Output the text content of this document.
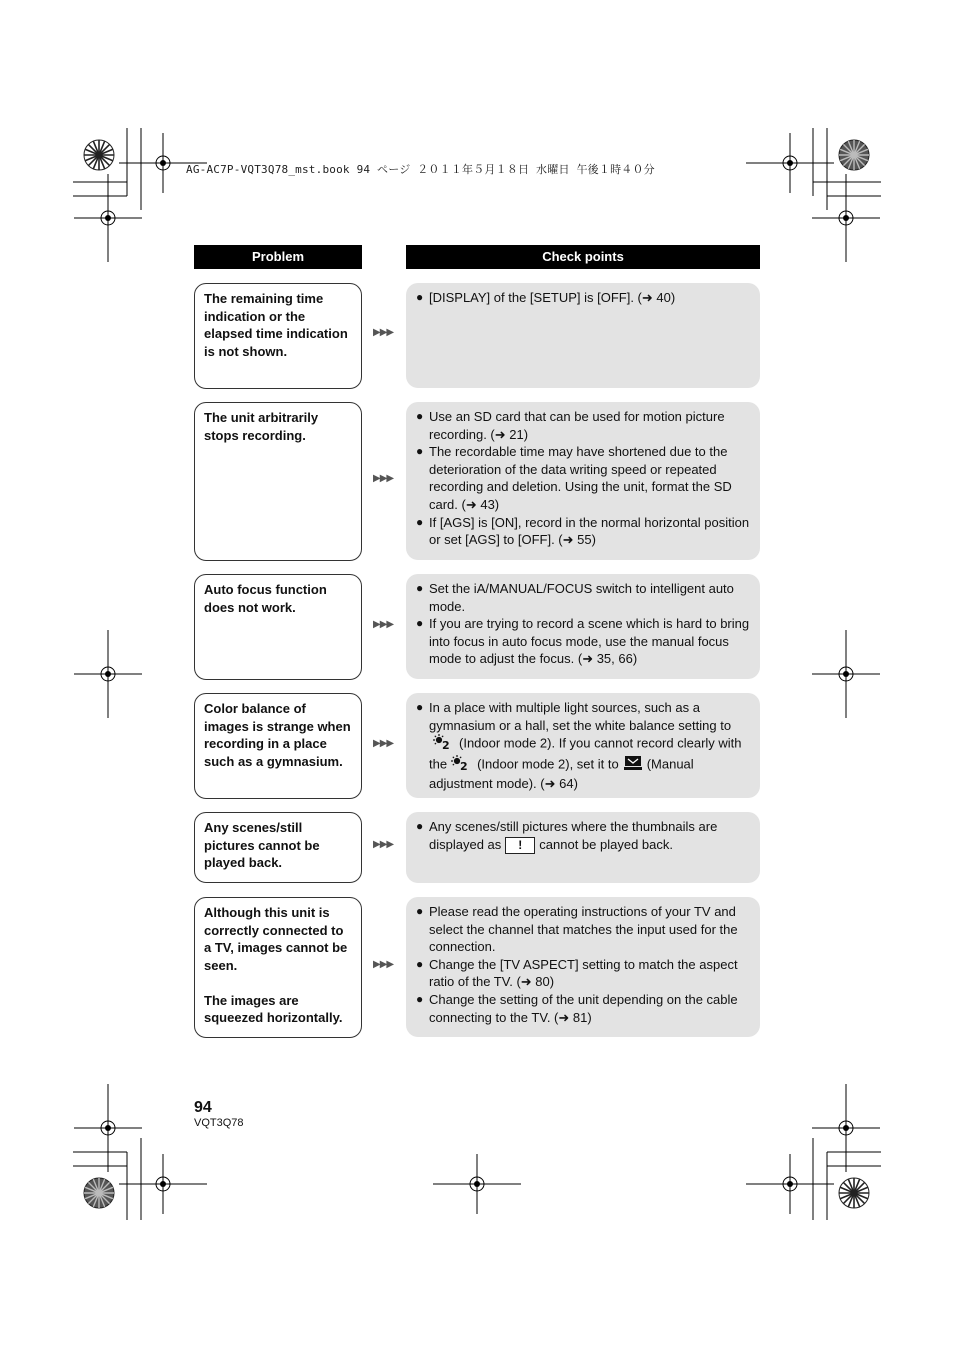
AG-AC7P-VQT3Q78_mst.book 94 ページ ２０１１年５月１８日 水曜日 午後１時４０分
Problem	Check points

The remaining time indication or the elapsed time indication is not shown.

▶▶▶
● [DISPLAY] of the [SETUP] is [OFF]. (➜ 40)

The unit arbitrarily stops recording.

▶▶▶
● Use an SD card that can be used for motion picture recording. (➜ 21)
● The recordable time may have shortened due to the deterioration of the data writing speed or repeated recording and deletion. Using the unit, format the SD card. (➜ 43)
● If [AGS] is [ON], record in the normal horizontal position or set [AGS] to [OFF]. (➜ 55)

Auto focus function does not work.

▶▶▶
● Set the iA/MANUAL/FOCUS switch to intelligent auto mode.
● If you are trying to record a scene which is hard to bring into focus in auto focus mode, use the manual focus mode to adjust the focus. (➜ 35, 66)

Color balance of images is strange when recording in a place such as a gymnasium.

▶▶▶
● In a place with multiple light sources, such as a gymnasium or a hall, set the white balance setting to

2 (Indoor mode 2). If you cannot record clearly with the 2 (Indoor mode 2), set it to (Manual adjustment mode). (➜ 64)

Any scenes/still pictures cannot be played back.

▶▶▶
● Any scenes/still pictures where the thumbnails are displayed as ! cannot be played back.

Although this unit is correctly connected to a TV, images cannot be seen.

The images are squeezed horizontally.

▶▶▶
● Please read the operating instructions of your TV and select the channel that matches the input used for the connection.
● Change the [TV ASPECT] setting to match the aspect ratio of the TV. (➜ 80)
● Change the setting of the unit depending on the cable connecting to the TV. (➜ 81)
94
VQT3Q78
